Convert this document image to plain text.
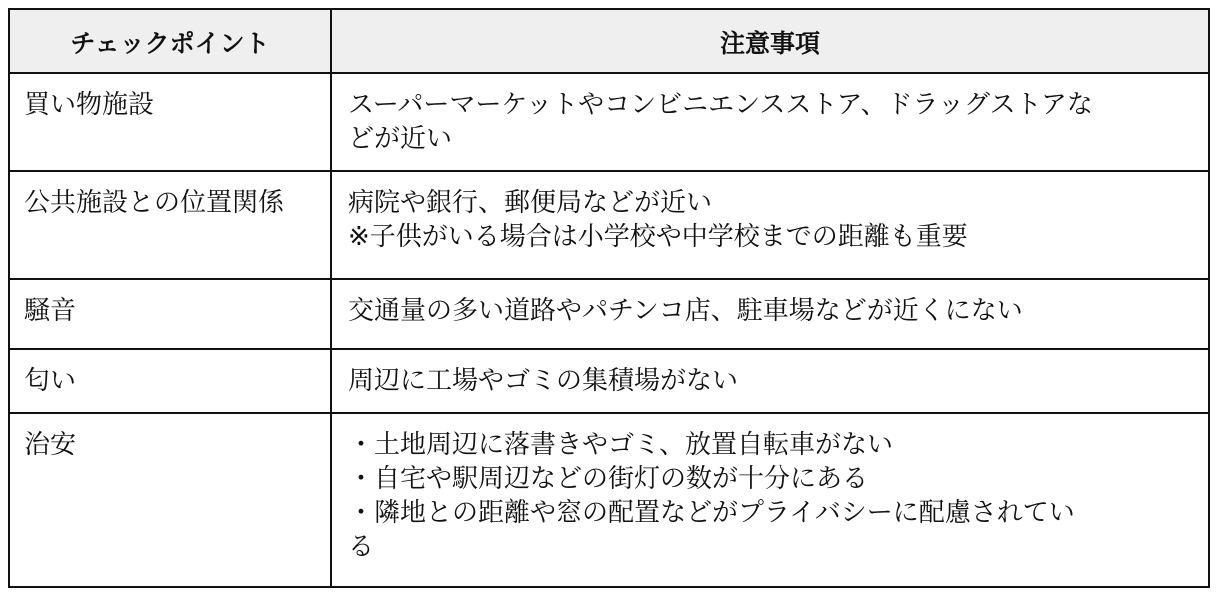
チェックポイント	注意事項

買い物施設	スーパーマーケットやコンビニエンスストア、ドラッグストアな
どが近い

公共施設との位置関係	病院や銀行、郵便局などが近い
※子供がいる場合は小学校や中学校までの距離も重要

騒音	交通量の多い道路やパチンコ店、駐車場などが近くにない

匂い	周辺に工場やゴミの集積場がない

治安	・土地周辺に落書きやゴミ、放置自転車がない
・自宅や駅周辺などの街灯の数が十分にある
・隣地との距離や窓の配置などがプライバシーに配慮されてい
る
